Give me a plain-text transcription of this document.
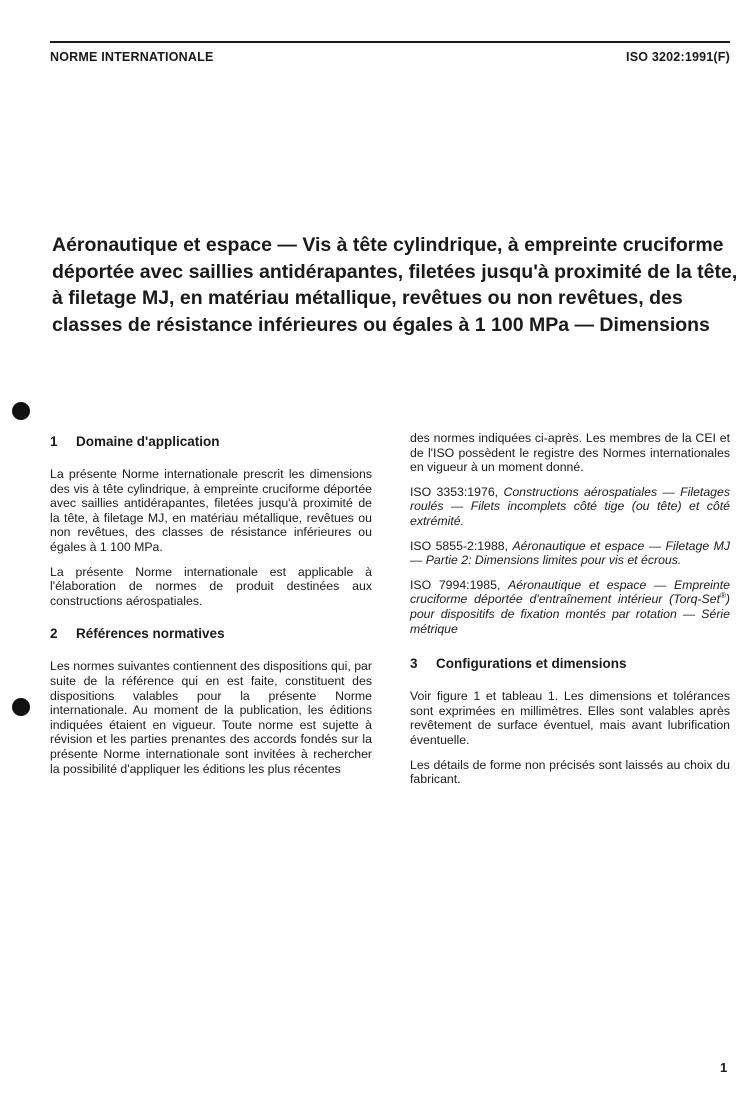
NORME INTERNATIONALE	ISO 3202:1991(F)
Aéronautique et espace — Vis à tête cylindrique, à empreinte cruciforme déportée avec saillies antidérapantes, filetées jusqu'à proximité de la tête, à filetage MJ, en matériau métallique, revêtues ou non revêtues, des classes de résistance inférieures ou égales à 1 100 MPa — Dimensions
1 Domaine d'application

La présente Norme internationale prescrit les dimensions des vis à tête cylindrique, à empreinte cruciforme déportée avec saillies antidérapantes, filetées jusqu'à proximité de la tête, à filetage MJ, en matériau métallique, revêtues ou non revêtues, des classes de résistance inférieures ou égales à 1 100 MPa.

La présente Norme internationale est applicable à l'élaboration de normes de produit destinées aux constructions aérospatiales.

2 Références normatives

Les normes suivantes contiennent des dispositions qui, par suite de la référence qui en est faite, constituent des dispositions valables pour la présente Norme internationale. Au moment de la publication, les éditions indiquées étaient en vigueur. Toute norme est sujette à révision et les parties prenantes des accords fondés sur la présente Norme internationale sont invitées à rechercher la possibilité d'appliquer les éditions les plus récentes

des normes indiquées ci-après. Les membres de la CEI et de l'ISO possèdent le registre des Normes internationales en vigueur à un moment donné.

ISO 3353:1976, Constructions aérospatiales — Filetages roulés — Filets incomplets côté tige (ou tête) et côté extrémité.

ISO 5855-2:1988, Aéronautique et espace — Filetage MJ — Partie 2: Dimensions limites pour vis et écrous.

ISO 7994:1985, Aéronautique et espace — Empreinte cruciforme déportée d'entraînement intérieur (Torq-Set®) pour dispositifs de fixation montés par rotation — Série métrique

3 Configurations et dimensions

Voir figure 1 et tableau 1. Les dimensions et tolérances sont exprimées en millimètres. Elles sont valables après revêtement de surface éventuel, mais avant lubrification éventuelle.

Les détails de forme non précisés sont laissés au choix du fabricant.

1
